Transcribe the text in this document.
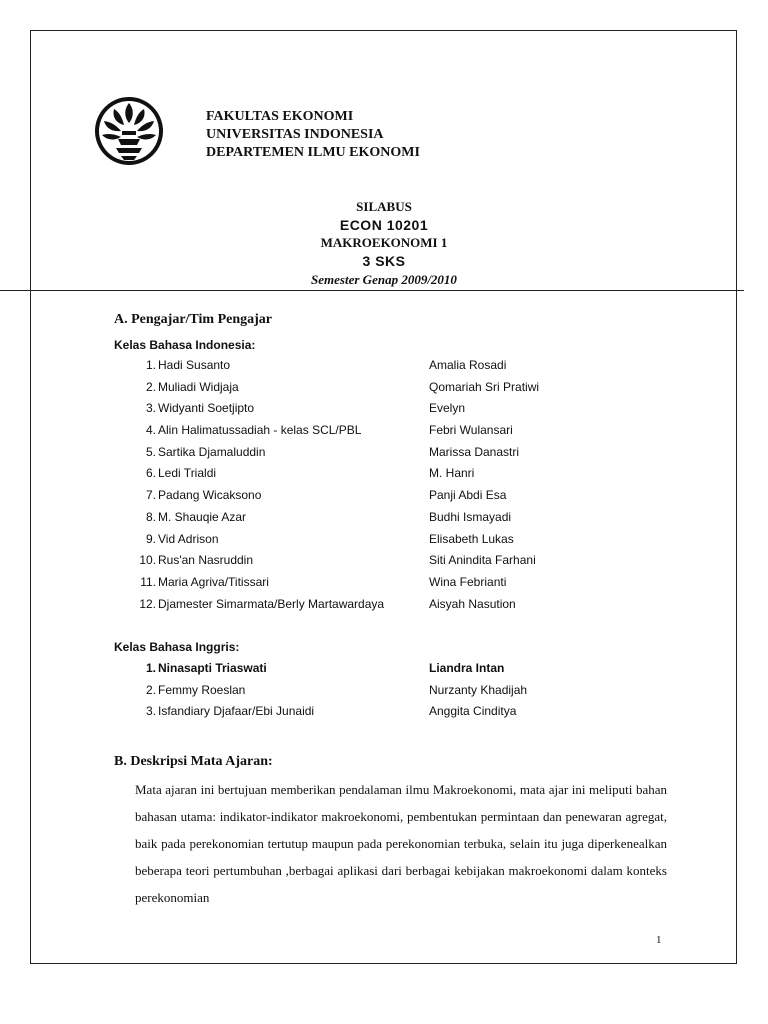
FAKULTAS EKONOMI
UNIVERSITAS INDONESIA
DEPARTEMEN ILMU EKONOMI
SILABUS
ECON 10201
MAKROEKONOMI 1
3 SKS
Semester Genap 2009/2010
A. Pengajar/Tim Pengajar
Kelas Bahasa Indonesia:
1. Hadi Susanto	Amalia Rosadi
2. Muliadi Widjaja	Qomariah Sri Pratiwi
3. Widyanti Soetjipto	Evelyn
4. Alin Halimatussadiah - kelas SCL/PBL	Febri Wulansari
5. Sartika Djamaluddin	Marissa Danastri
6. Ledi Trialdi	M. Hanri
7. Padang Wicaksono	Panji Abdi Esa
8. M. Shauqie Azar	Budhi Ismayadi
9. Vid Adrison	Elisabeth Lukas
10. Rus'an Nasruddin	Siti Anindita Farhani
11. Maria Agriva/Titissari	Wina Febrianti
12. Djamester Simarmata/Berly Martawardaya	Aisyah Nasution
Kelas Bahasa Inggris:
1. Ninasapti Triaswati	Liandra Intan
2. Femmy Roeslan	Nurzanty Khadijah
3. Isfandiary Djafaar/Ebi Junaidi	Anggita Cinditya
B. Deskripsi Mata Ajaran:
Mata ajaran ini bertujuan memberikan pendalaman ilmu Makroekonomi, mata ajar ini meliputi bahan bahasan utama: indikator-indikator makroekonomi, pembentukan permintaan dan penewaran agregat, baik pada perekonomian tertutup maupun pada perekonomian terbuka, selain itu juga diperkenealkan beberapa teori pertumbuhan ,berbagai aplikasi dari berbagai kebijakan makroekonomi dalam konteks perekonomian
1
